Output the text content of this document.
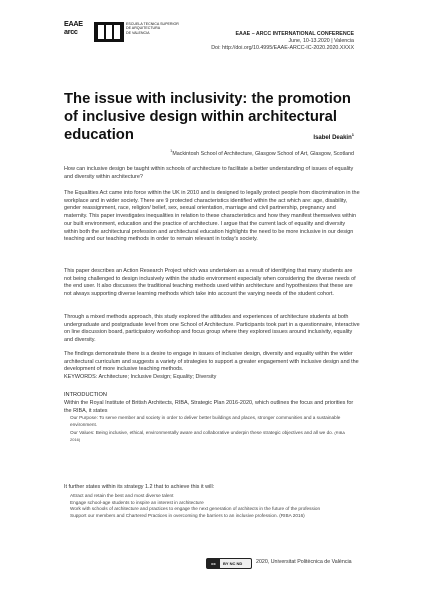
EAAE
arcc
ESCUELA TECNICA SUPERIOR
DE ARQUITECTURA
DE VALENCIA	EAAE – ARCC INTERNATIONAL CONFERENCE
June, 10-13.2020 | Valencia
Doi: http://doi.org/10.4995/EAAE-ARCC-IC-2020.2020.XXXX
The issue with inclusivity: the promotion of inclusive design within architectural education	Isabel Deakin$^1$
$^1$Mackintosh School of Architecture, Glasgow School of Art, Glasgow, Scotland

How can inclusive design be taught within schools of architecture to facilitate a better understanding of issues of equality and diversity within architecture?

The Equalities Act came into force within the UK in 2010 and is designed to legally protect people from discrimination in the workplace and in wider society. There are 9 protected characteristics identified within the act which are: age, disability, gender reassignment, race, religion/ belief, sex, sexual orientation, marriage and civil partnership, pregnancy and maternity. This paper investigates inequalities in relation to these characteristics and how they manifest themselves within our built environment, education and the practice of architecture. I argue that the current lack of equality and diversity within both the architectural profession and architectural education highlights the need to be more inclusive in our design teaching and our teaching methods in order to remain relevant in today's society.

This paper describes an Action Research Project which was undertaken as a result of identifying that many students are not being challenged to design inclusively within the studio environment especially when considering the diverse needs of the end user. It also discusses the traditional teaching methods used within architecture and hypothesizes that these are not always supporting diverse learning methods which take into account the varying needs of the student cohort.

Through a mixed methods approach, this study explored the attitudes and experiences of architecture students at both undergraduate and postgraduate level from one School of Architecture. Participants took part in a questionnaire, interactive on line discussion board, participatory workshop and focus group where they explored issues around inclusivity, equality and diversity.

The findings demonstrate there is a desire to engage in issues of inclusive design, diversity and equality within the wider architectural curriculum and suggests a variety of strategies to support a greater engagement with inclusive design and the development of more inclusive teaching methods.

KEYWORDS: Architecture; Inclusive Design; Equality; Diversity

INTRODUCTION

Within the Royal Institute of British Architects, RIBA, Strategic Plan 2016-2020, which outlines the focus and priorities for the RIBA, it states

Our Purpose: To serve member and society in order to deliver better buildings and places, stronger communities and a sustainable environment.

Our Values: Being inclusive, ethical, environmentally aware and collaborative underpin these strategic objectives and all we do. (RIBA 2016)

It further states within its strategy 1.2 that to achieve this it will:

Attract and retain the best and most diverse talent
Engage school-age students to inspire an interest in architecture
Work with schools of architecture and practices to engage the next generation of architects in the future of the profession
Support our members and Chartered Practices in overcoming the barriers to an inclusive profession. (RIBA 2016)
cc	BY NC ND	2020, Universitat Politècnica de València
